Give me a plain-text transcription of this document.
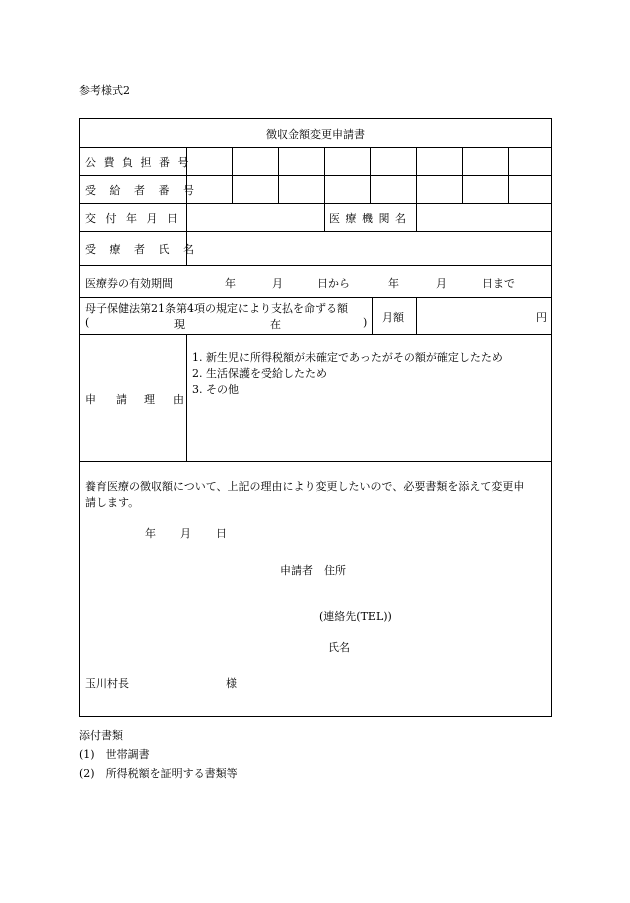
参考様式2
徴収金額変更申請書
公 費 負 担 番 号
受 給 者 番 号
交 付 年 月 日	医 療 機 関 名
受 療 者 氏 名
医療券の有効期間	年	月	日から	年	月	日まで
母子保健法第21条第4項の規定により支払を命ずる額
(	現	在	) 月額	円
申 請 理 由
1. 新生児に所得税額が未確定であったがその額が確定したため
2. 生活保護を受給したため
3. その他
養育医療の徴収額について、上記の理由により変更したいので、必要書類を添えて変更申
請します。
年 月 日
申請者　住所
(連絡先(TEL))
氏名
玉川村長	様
添付書類
(1)　世帯調書
(2)　所得税額を証明する書類等
